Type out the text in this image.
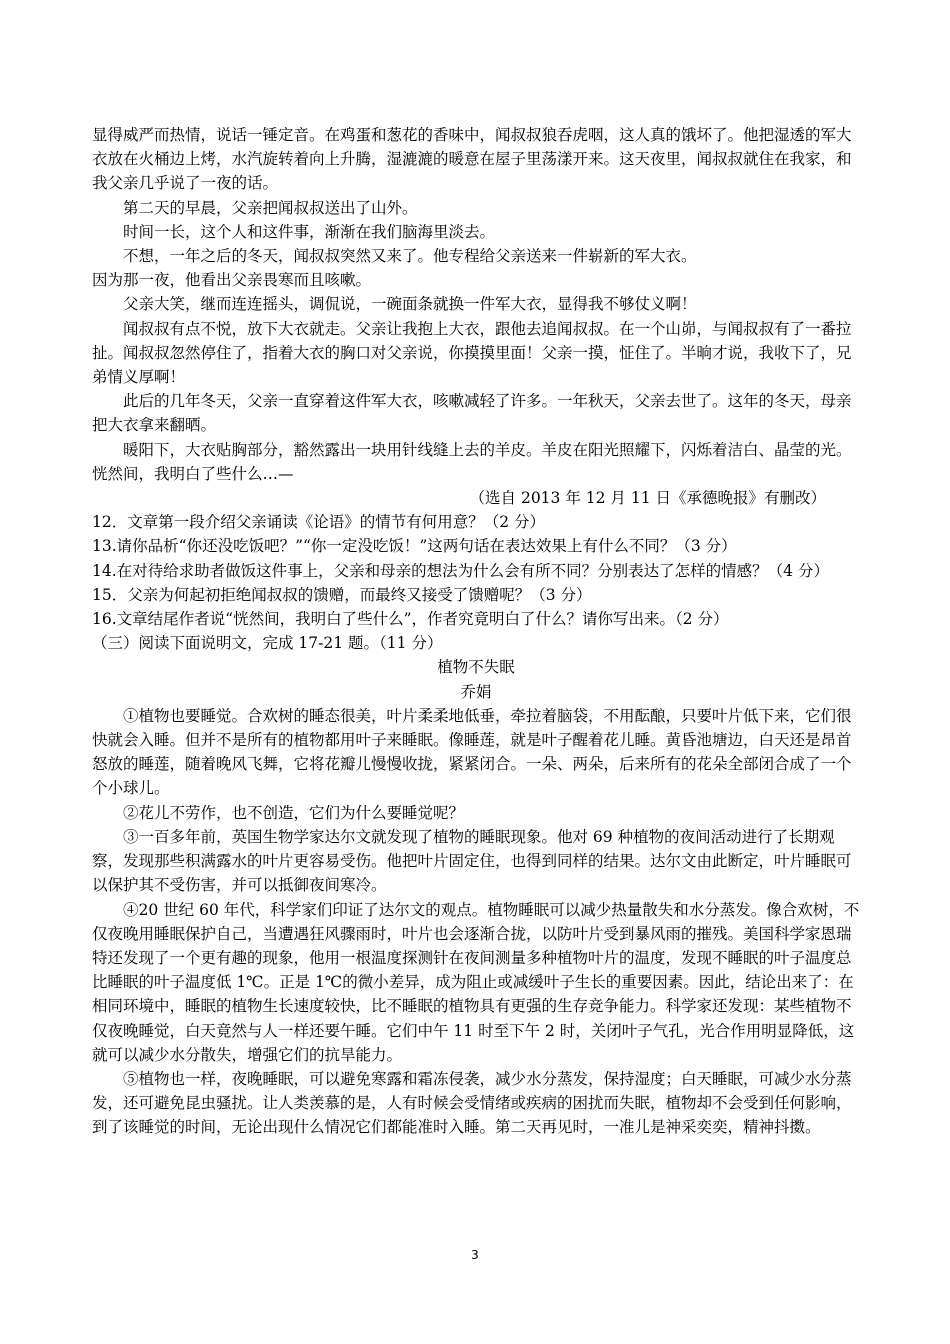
显得威严而热情，说话一锤定音。在鸡蛋和葱花的香味中，闻叔叔狼吞虎咽，这人真的饿坏了。他把湿透的军大衣放在火桶边上烤，水汽旋转着向上升腾，湿漉漉的暖意在屋子里荡漾开来。这天夜里，闻叔叔就住在我家，和我父亲几乎说了一夜的话。

第二天的早晨，父亲把闻叔叔送出了山外。

时间一长，这个人和这件事，渐渐在我们脑海里淡去。

不想，一年之后的冬天，闻叔叔突然又来了。他专程给父亲送来一件崭新的军大衣。

因为那一夜，他看出父亲畏寒而且咳嗽。

父亲大笑，继而连连摇头，调侃说，一碗面条就换一件军大衣，显得我不够仗义啊！

闻叔叔有点不悦，放下大衣就走。父亲让我抱上大衣，跟他去追闻叔叔。在一个山峁，与闻叔叔有了一番拉扯。闻叔叔忽然停住了，指着大衣的胸口对父亲说，你摸摸里面！父亲一摸，怔住了。半晌才说，我收下了，兄弟情义厚啊！

此后的几年冬天，父亲一直穿着这件军大衣，咳嗽减轻了许多。一年秋天，父亲去世了。这年的冬天，母亲把大衣拿来翻晒。

暖阳下，大衣贴胸部分，豁然露出一块用针线缝上去的羊皮。羊皮在阳光照耀下，闪烁着洁白、晶莹的光。恍然间，我明白了些什么…—

（选自 2013 年 12 月 11 日《承德晚报》有删改）

12．文章第一段介绍父亲诵读《论语》的情节有何用意？（2 分）

13.请你品析“你还没吃饭吧？”“你一定没吃饭！”这两句话在表达效果上有什么不同？（3 分）

14.在对待给求助者做饭这件事上，父亲和母亲的想法为什么会有所不同？分别表达了怎样的情感？（4 分）

15．父亲为何起初拒绝闻叔叔的馈赠，而最终又接受了馈赠呢？（3 分）

16.文章结尾作者说“恍然间，我明白了些什么”，作者究竟明白了什么？请你写出来。（2 分）

（三）阅读下面说明文，完成 17-21 题。（11 分）

植物不失眠

乔娟

①植物也要睡觉。合欢树的睡态很美，叶片柔柔地低垂，牵拉着脑袋，不用酝酿，只要叶片低下来，它们很快就会入睡。但并不是所有的植物都用叶子来睡眠。像睡莲，就是叶子醒着花儿睡。黄昏池塘边，白天还是昂首怒放的睡莲，随着晚风飞舞，它将花瓣儿慢慢收拢，紧紧闭合。一朵、两朵，后来所有的花朵全部闭合成了一个个小球儿。

②花儿不劳作，也不创造，它们为什么要睡觉呢？

③一百多年前，英国生物学家达尔文就发现了植物的睡眠现象。他对 69 种植物的夜间活动进行了长期观察，发现那些积满露水的叶片更容易受伤。他把叶片固定住，也得到同样的结果。达尔文由此断定，叶片睡眠可以保护其不受伤害，并可以抵御夜间寒冷。

④20 世纪 60 年代，科学家们印证了达尔文的观点。植物睡眠可以减少热量散失和水分蒸发。像合欢树，不仅夜晚用睡眠保护自己，当遭遇狂风骤雨时，叶片也会逐渐合拢，以防叶片受到暴风雨的摧残。美国科学家恩瑞特还发现了一个更有趣的现象，他用一根温度探测针在夜间测量多种植物叶片的温度，发现不睡眠的叶子温度总比睡眠的叶子温度低 1℃。正是 1℃的微小差异，成为阻止或减缓叶子生长的重要因素。因此，结论出来了：在相同环境中，睡眠的植物生长速度较快，比不睡眠的植物具有更强的生存竞争能力。科学家还发现：某些植物不仅夜晚睡觉，白天竟然与人一样还要午睡。它们中午 11 时至下午 2 时，关闭叶子气孔，光合作用明显降低，这就可以减少水分散失，增强它们的抗旱能力。

⑤植物也一样，夜晚睡眠，可以避免寒露和霜冻侵袭，减少水分蒸发，保持湿度；白天睡眠，可减少水分蒸发，还可避免昆虫骚扰。让人类羡慕的是，人有时候会受情绪或疾病的困扰而失眠，植物却不会受到任何影响，到了该睡觉的时间，无论出现什么情况它们都能准时入睡。第二天再见时，一准儿是神采奕奕，精神抖擞。

3
